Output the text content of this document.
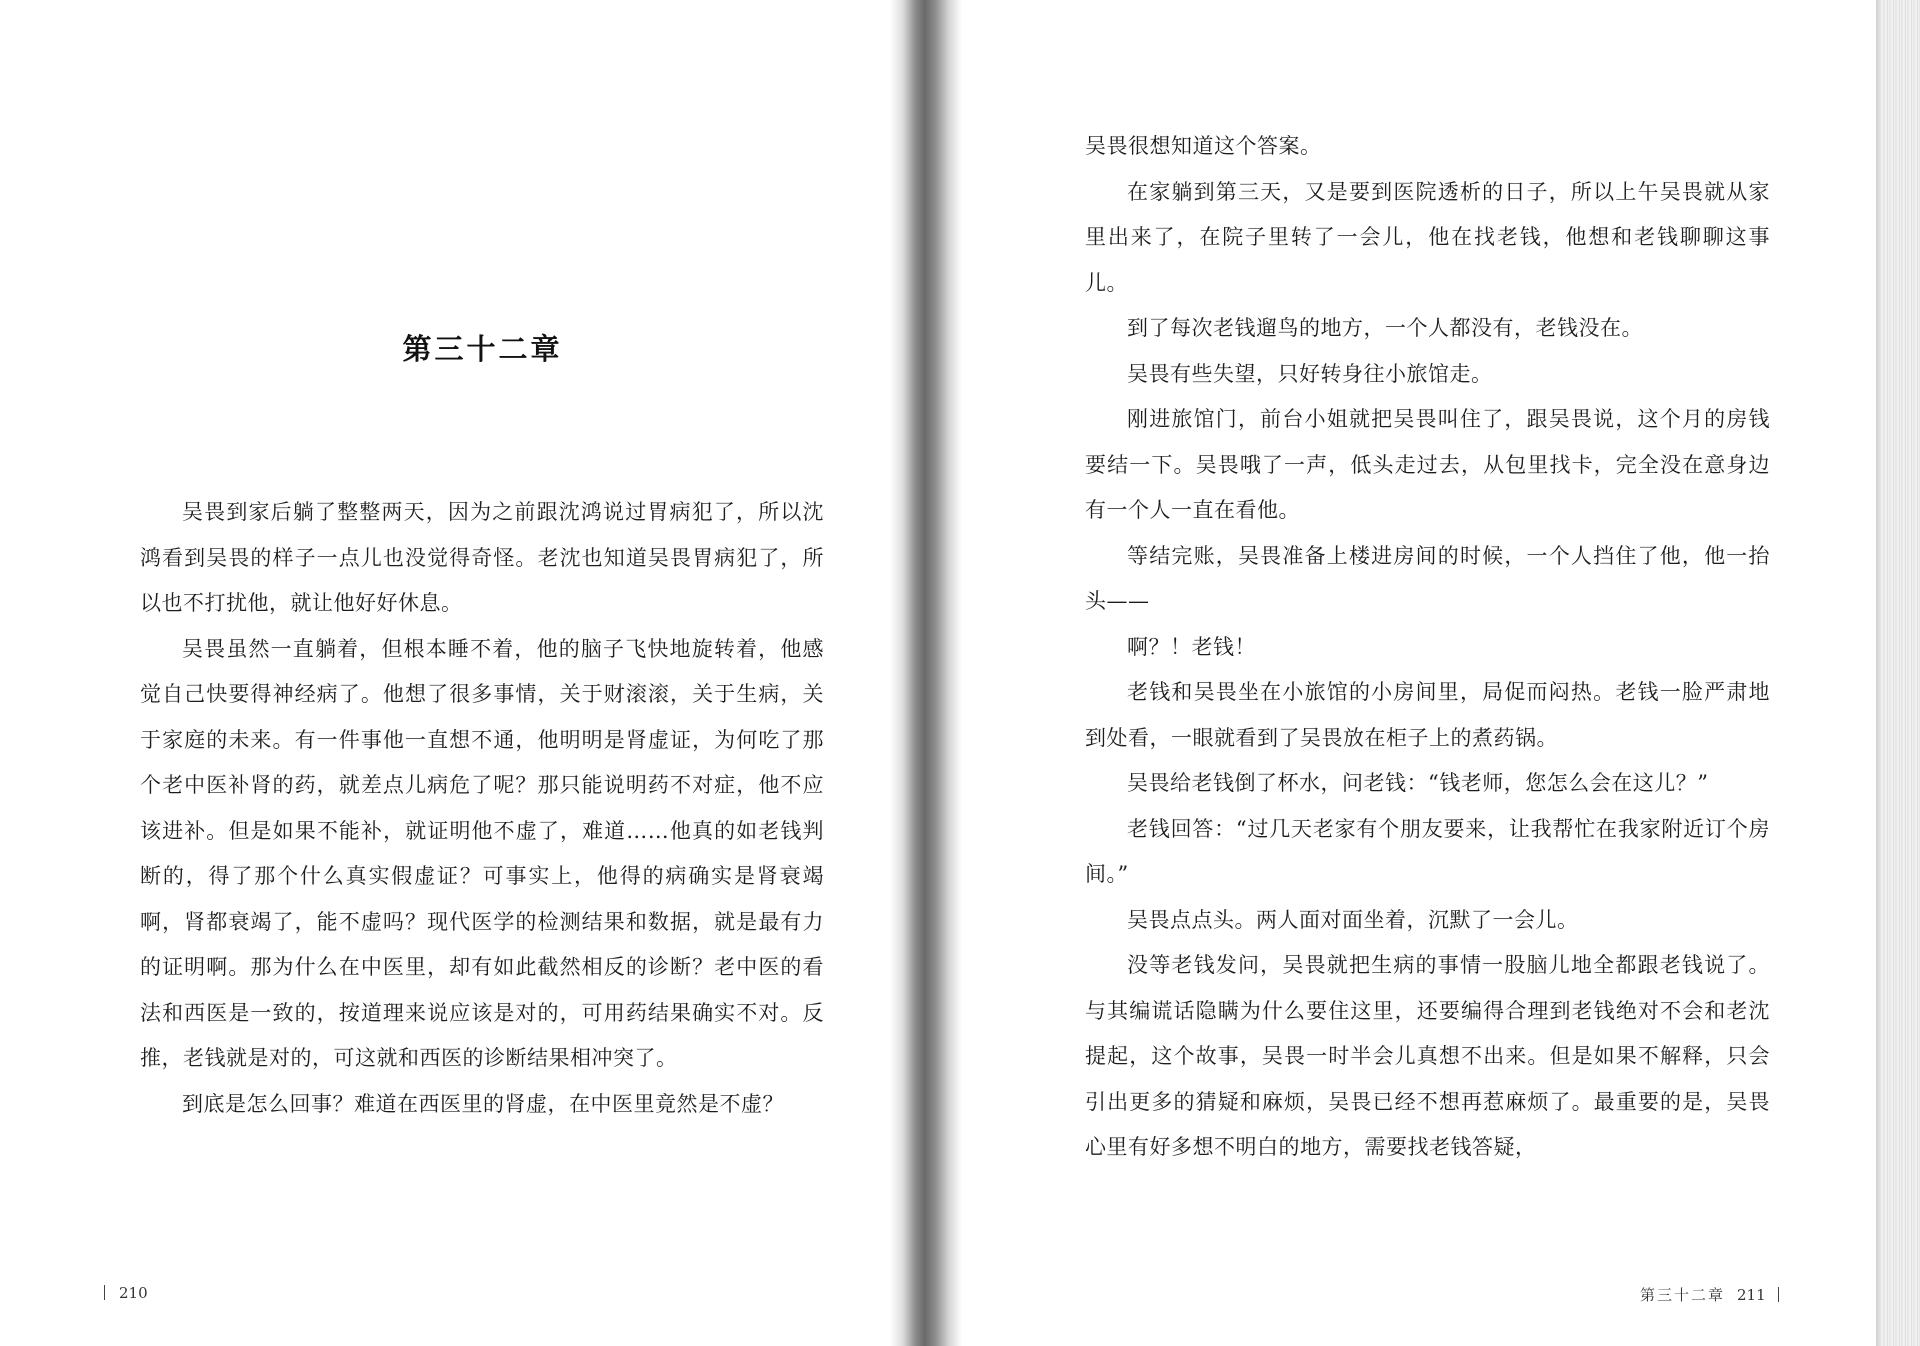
第三十二章

吴畏到家后躺了整整两天，因为之前跟沈鸿说过胃病犯了，所以沈鸿看到吴畏的样子一点儿也没觉得奇怪。老沈也知道吴畏胃病犯了，所以也不打扰他，就让他好好休息。

吴畏虽然一直躺着，但根本睡不着，他的脑子飞快地旋转着，他感觉自己快要得神经病了。他想了很多事情，关于财滚滚，关于生病，关于家庭的未来。有一件事他一直想不通，他明明是肾虚证，为何吃了那个老中医补肾的药，就差点儿病危了呢？那只能说明药不对症，他不应该进补。但是如果不能补，就证明他不虚了，难道……他真的如老钱判断的，得了那个什么真实假虚证？可事实上，他得的病确实是肾衰竭啊，肾都衰竭了，能不虚吗？现代医学的检测结果和数据，就是最有力的证明啊。那为什么在中医里，却有如此截然相反的诊断？老中医的看法和西医是一致的，按道理来说应该是对的，可用药结果确实不对。反推，老钱就是对的，可这就和西医的诊断结果相冲突了。

到底是怎么回事？难道在西医里的肾虚，在中医里竟然是不虚？

吴畏很想知道这个答案。

在家躺到第三天，又是要到医院透析的日子，所以上午吴畏就从家里出来了，在院子里转了一会儿，他在找老钱，他想和老钱聊聊这事儿。

到了每次老钱遛鸟的地方，一个人都没有，老钱没在。

吴畏有些失望，只好转身往小旅馆走。

刚进旅馆门，前台小姐就把吴畏叫住了，跟吴畏说，这个月的房钱要结一下。吴畏哦了一声，低头走过去，从包里找卡，完全没在意身边有一个人一直在看他。

等结完账，吴畏准备上楼进房间的时候，一个人挡住了他，他一抬头——

啊？！老钱！

老钱和吴畏坐在小旅馆的小房间里，局促而闷热。老钱一脸严肃地到处看，一眼就看到了吴畏放在柜子上的煮药锅。

吴畏给老钱倒了杯水，问老钱：“钱老师，您怎么会在这儿？”

老钱回答：“过几天老家有个朋友要来，让我帮忙在我家附近订个房间。”

吴畏点点头。两人面对面坐着，沉默了一会儿。

没等老钱发问，吴畏就把生病的事情一股脑儿地全都跟老钱说了。与其编谎话隐瞒为什么要住这里，还要编得合理到老钱绝对不会和老沈提起，这个故事，吴畏一时半会儿真想不出来。但是如果不解释，只会引出更多的猜疑和麻烦，吴畏已经不想再惹麻烦了。最重要的是，吴畏心里有好多想不明白的地方，需要找老钱答疑，

210	第三十二章 211
